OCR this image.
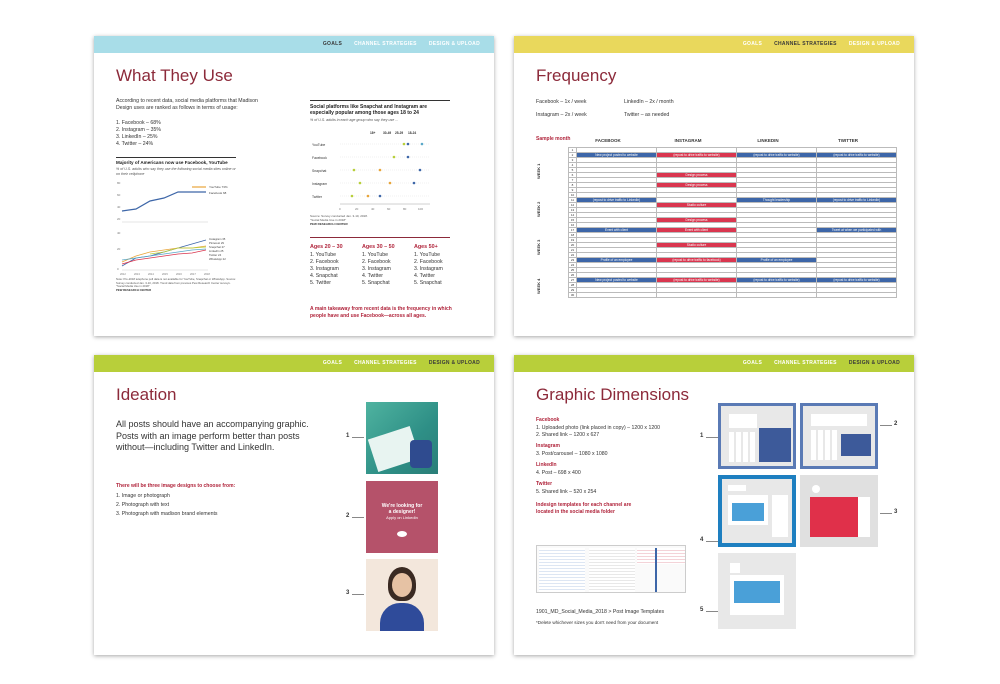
GOALS CHANNEL STRATEGIES DESIGN & UPLOAD
What They Use
According to recent data, social media platforms that Madison Design uses are ranked as follows in terms of usage:
1. Facebook – 68%
2. Instagram – 35%
3. LinkedIn – 25%
4. Twitter – 24%
Majority of Americans now use Facebook, YouTube
% of U.S. adults who say they use the following social media sites online or on their cellphone
80
60
40
20
YouTube 73%
Facebook 68
40
20
0
Instagram 35
Pinterest 29
Snapchat 27
LinkedIn 25
Twitter 24
WhatsApp 22
2012	2013	2014	2015	2016	2017	2018
Note: Pre-2018 telephone poll data is not available for YouTube, Snapchat or WhatsApp. Source: Survey conducted Jan. 3-10, 2018. Trend data from previous Pew Research Center surveys.
"Social Media Use in 2018"
PEW RESEARCH CENTER
Social platforms like Snapchat and Instagram are especially popular among those ages 18 to 24
% of U.S. adults in each age group who say they use ...
18+ 30-49 25-29 18-24
YouTube
Facebook
Snapchat
Instagram
Twitter
0	20	40	60	80	100
Source: Survey conducted Jan. 3-10, 2018.
"Social Media Use in 2018"
PEW RESEARCH CENTER
Ages 20 – 30
1. YouTube
2. Facebook
3. Instagram
4. Snapchat
5. Twitter
Ages 30 – 50
1. YouTube
2. Facebook
3. Instagram
4. Twitter
5. Snapchat
Ages 50+
1. YouTube
2. Facebook
3. Instagram
4. Twitter
5. Snapchat
A main takeaway from recent data is the frequency in which people have and use Facebook—across all ages.
GOALS CHANNEL STRATEGIES DESIGN & UPLOAD
Frequency
Facebook – 1x / week	LinkedIn – 2x / month
Instagram – 2x / week	Twitter – as needed
Sample month	FACEBOOK	INSTAGRAM	LINKEDIN	TWITTER
WEEK 1
WEEK 2
WEEK 3
WEEK 4
1				
2	New project posted to website	(repost to drive traffic to website)	(repost to drive traffic to website)	(repost to drive traffic to website)
3				
4				
5				
6		Design process		
7				
8		Design process		
9				
10				
11	(repost to drive traffic to LinkedIn)		Thought leadership	(repost to drive traffic to LinkedIn)
12		Studio culture		
13				
14				
15		Design process		
16				
17	Event with client	Event with client		Tweet at when we participated with
18				
19				
20		Studio culture		
21				
22				
23	Profile of an employee	(repost to drive traffic to facebook)	Profile of an employee	
24				
25				
26				
27	New project posted to website	(repost to drive traffic to website)	(repost to drive traffic to website)	(repost to drive traffic to website)
28				
29				
30				
GOALS CHANNEL STRATEGIES DESIGN & UPLOAD
Ideation
All posts should have an accompanying graphic. Posts with an image perform better than posts without—including Twitter and LinkedIn.
There will be three image designs to choose from:
1. Image or photograph
2. Photograph with text
3. Photograph with madison brand elements
1
2
We're looking for
a designer!
Apply on LinkedIn
3
GOALS CHANNEL STRATEGIES DESIGN & UPLOAD
Graphic Dimensions
Facebook
1. Uploaded photo (link placed in copy) – 1200 x 1200
2. Shared link – 1200 x 627
Instagram
3. Post/carousel – 1080 x 1080
LinkedIn
4. Post – 698 x 400
Twitter
5. Shared link – 520 x 254
Indesign templates for each channel are located in the social media folder
1901_MD_Social_Media_2018 > Post Image Templates
*Delete whichever sizes you don't need from your document
1
2
4
3
5
